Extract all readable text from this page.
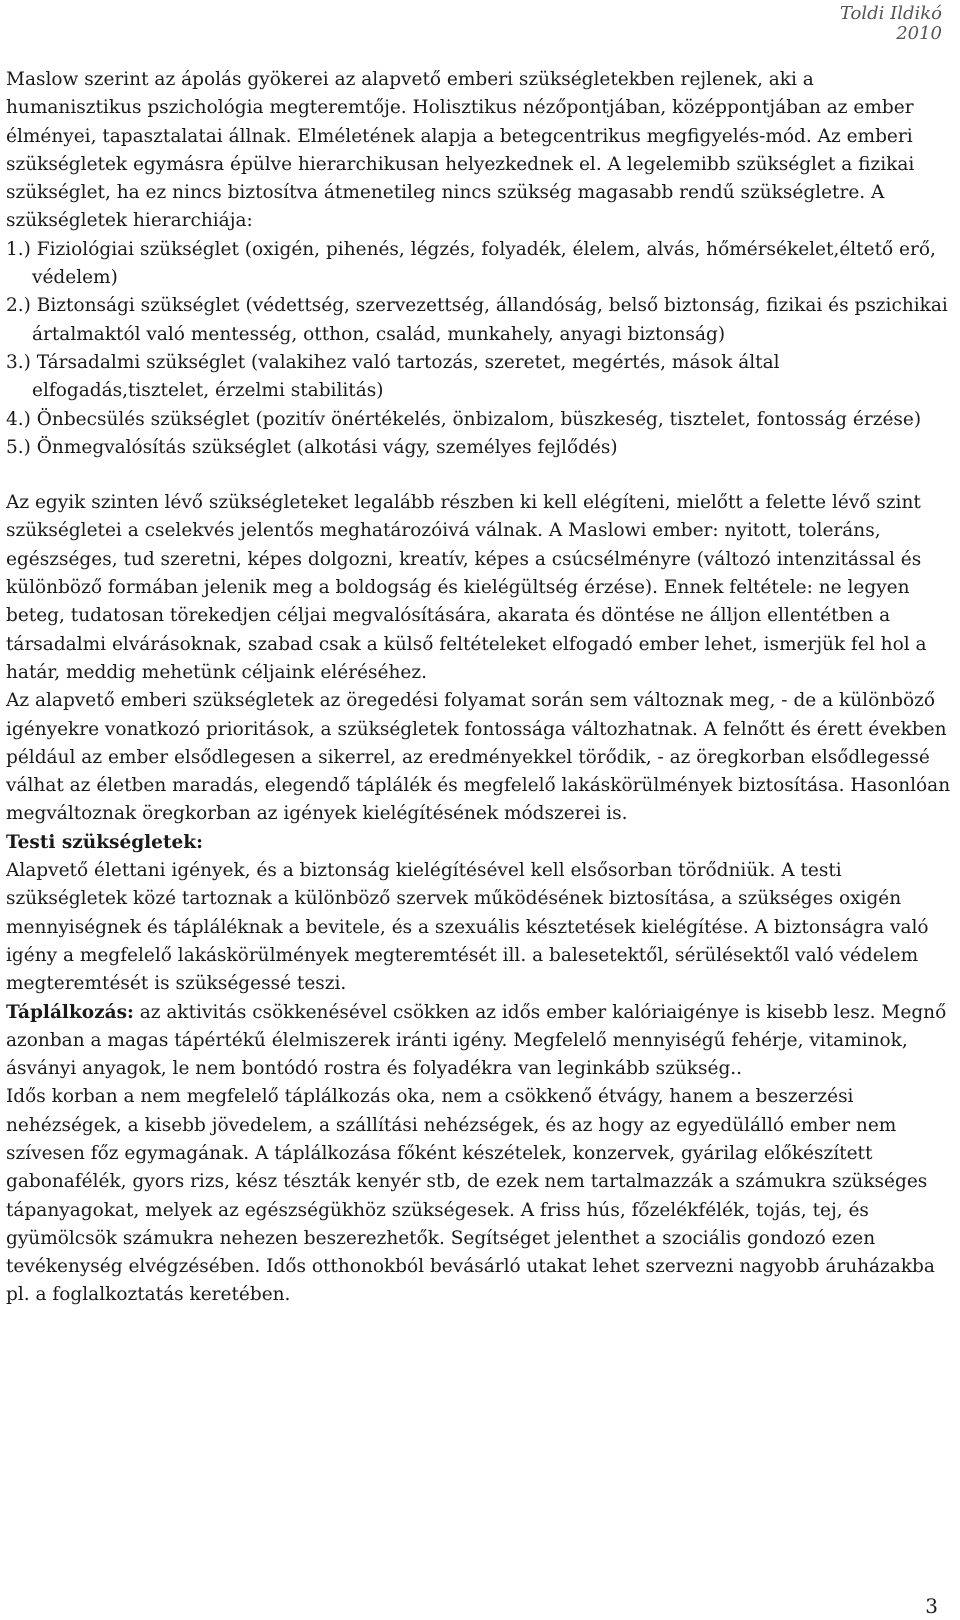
Toldi Ildikó
2010

Maslow szerint az ápolás gyökerei az alapvető emberi szükségletekben rejlenek, aki a humanisztikus pszichológia megteremtője. Holisztikus nézőpontjában, középpontjában az ember élményei, tapasztalatai állnak. Elméletének alapja a betegcentrikus megfigyelés-mód. Az emberi szükségletek egymásra épülve hierarchikusan helyezkednek el. A legelemibb szükséglet a fizikai szükséglet, ha ez nincs biztosítva átmenetileg nincs szükség magasabb rendű szükségletre. A szükségletek hierarchiája:

1.) Fiziológiai szükséglet (oxigén, pihenés, légzés, folyadék, élelem, alvás, hőmérsékelet,éltető erő, védelem)
2.) Biztonsági szükséglet (védettség, szervezettség, állandóság, belső biztonság, fizikai és pszichikai ártalmaktól való mentesség, otthon, család, munkahely, anyagi biztonság)
3.) Társadalmi szükséglet (valakihez való tartozás, szeretet, megértés, mások által elfogadás,tisztelet, érzelmi stabilitás)
4.) Önbecsülés szükséglet (pozitív önértékelés, önbizalom, büszkeség, tisztelet, fontosság érzése)
5.) Önmegvalósítás szükséglet (alkotási vágy, személyes fejlődés)

Az egyik szinten lévő szükségleteket legalább részben ki kell elégíteni, mielőtt a felette lévő szint szükségletei a cselekvés jelentős meghatározóivá válnak. A Maslowi ember: nyitott, toleráns, egészséges, tud szeretni, képes dolgozni, kreatív, képes a csúcsélményre (változó intenzitással és különböző formában jelenik meg a boldogság és kielégültség érzése). Ennek feltétele: ne legyen beteg, tudatosan törekedjen céljai megvalósítására, akarata és döntése ne álljon ellentétben a társadalmi elvárásoknak, szabad csak a külső feltételeket elfogadó ember lehet, ismerjük fel hol a határ, meddig mehetünk céljaink eléréséhez.

Az alapvető emberi szükségletek az öregedési folyamat során sem változnak meg, - de a különböző igényekre vonatkozó prioritások, a szükségletek fontossága változhatnak. A felnőtt és érett években például az ember elsődlegesen a sikerrel, az eredményekkel törődik, - az öregkorban elsődlegessé válhat az életben maradás, elegendő táplálék és megfelelő lakáskörülmények biztosítása. Hasonlóan megváltoznak öregkorban az igények kielégítésének módszerei is.

Testi szükségletek:

Alapvető élettani igények, és a biztonság kielégítésével kell elsősorban törődniük. A testi szükségletek közé tartoznak a különböző szervek működésének biztosítása, a szükséges oxigén mennyiségnek és tápláléknak a bevitele, és a szexuális késztetések kielégítése. A biztonságra való igény a megfelelő lakáskörülmények megteremtését ill. a balesetektől, sérülésektől való védelem megteremtését is szükségessé teszi.

Táplálkozás: az aktivitás csökkenésével csökken az idős ember kalóriaigénye is kisebb lesz. Megnő azonban a magas tápértékű élelmiszerek iránti igény. Megfelelő mennyiségű fehérje, vitaminok, ásványi anyagok, le nem bontódó rostra és folyadékra van leginkább szükség..

Idős korban a nem megfelelő táplálkozás oka, nem a csökkenő étvágy, hanem a beszerzési nehézségek, a kisebb jövedelem, a szállítási nehézségek, és az hogy az egyedülálló ember nem szívesen főz egymagának. A táplálkozása főként készételek, konzervek, gyárilag előkészített gabonafélék, gyors rizs, kész tészták kenyér stb, de ezek nem tartalmazzák a számukra szükséges tápanyagokat, melyek az egészségükhöz szükségesek. A friss hús, főzelékfélék, tojás, tej, és gyümölcsök számukra nehezen beszerezhetők. Segítséget jelenthet a szociális gondozó ezen tevékenység elvégzésében. Idős otthonokból bevásárló utakat lehet szervezni nagyobb áruházakba pl. a foglalkoztatás keretében.

3
